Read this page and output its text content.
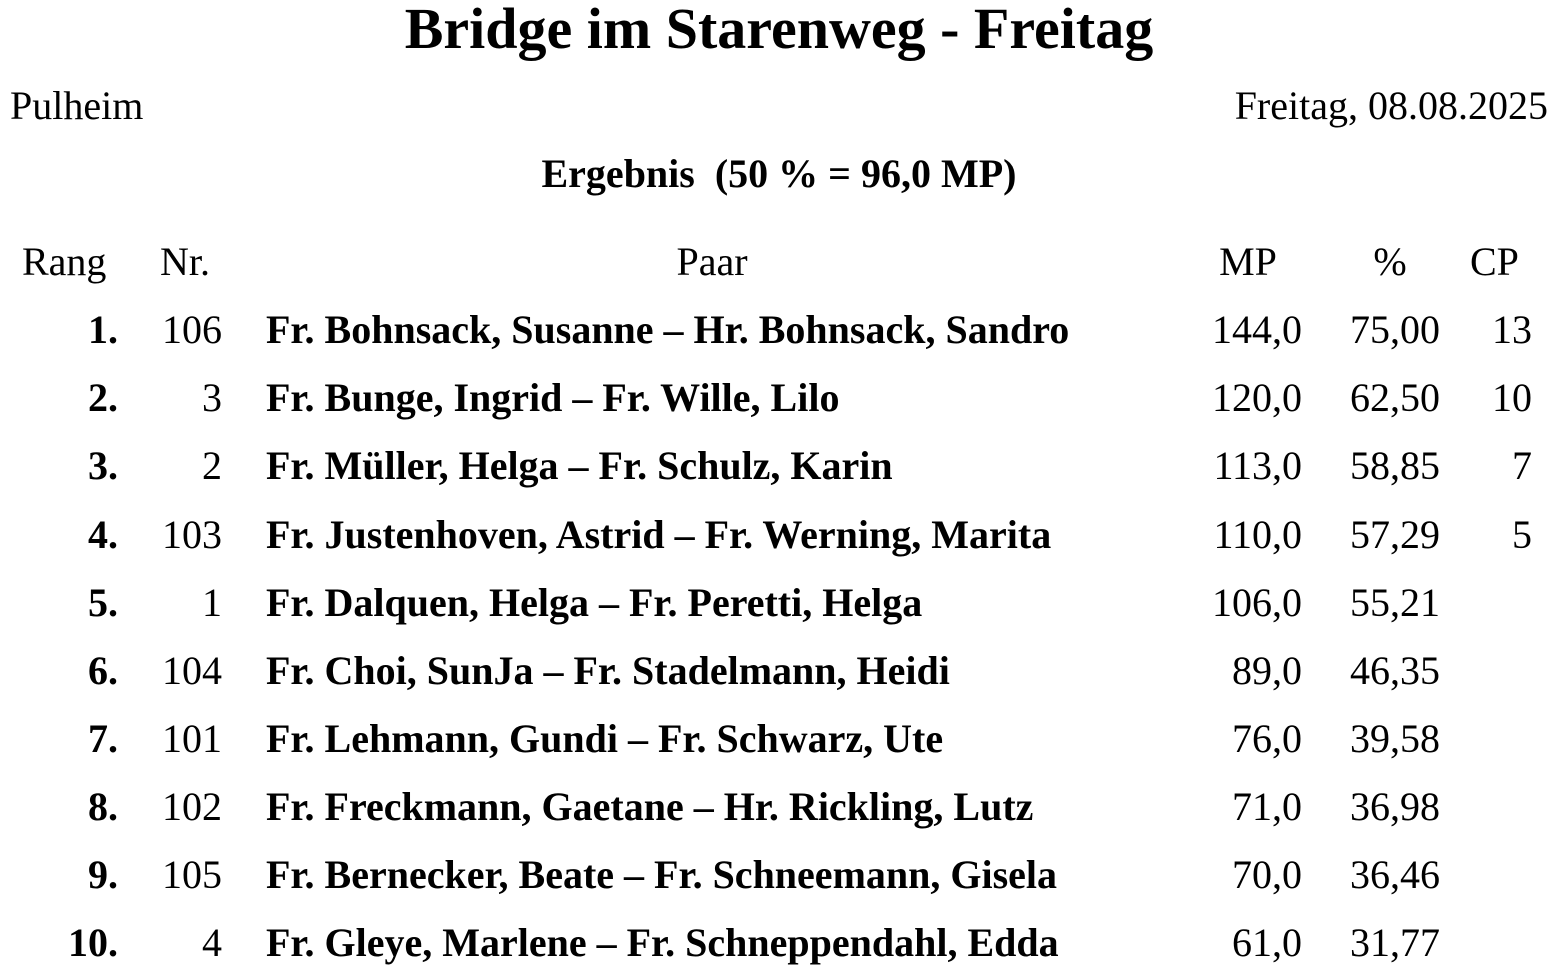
Bridge im Starenweg - Freitag
Pulheim	Freitag, 08.08.2025
Ergebnis  (50 % = 96,0 MP)
Rang	Nr.	Paar	MP	%	CP
1.	106 Fr. Bohnsack, Susanne – Hr. Bohnsack, Sandro	144,0	75,00	13
2.	3 Fr. Bunge, Ingrid – Fr. Wille, Lilo	120,0	62,50	10
3.	2 Fr. Müller, Helga – Fr. Schulz, Karin	113,0	58,85	7
4.	103 Fr. Justenhoven, Astrid – Fr. Werning, Marita	110,0	57,29	5
5.	1 Fr. Dalquen, Helga – Fr. Peretti, Helga	106,0	55,21
6.	104 Fr. Choi, SunJa – Fr. Stadelmann, Heidi	89,0	46,35
7.	101 Fr. Lehmann, Gundi – Fr. Schwarz, Ute	76,0	39,58
8.	102 Fr. Freckmann, Gaetane – Hr. Rickling, Lutz	71,0	36,98
9.	105 Fr. Bernecker, Beate – Fr. Schneemann, Gisela	70,0	36,46
10.	4 Fr. Gleye, Marlene – Fr. Schneppendahl, Edda	61,0	31,77
